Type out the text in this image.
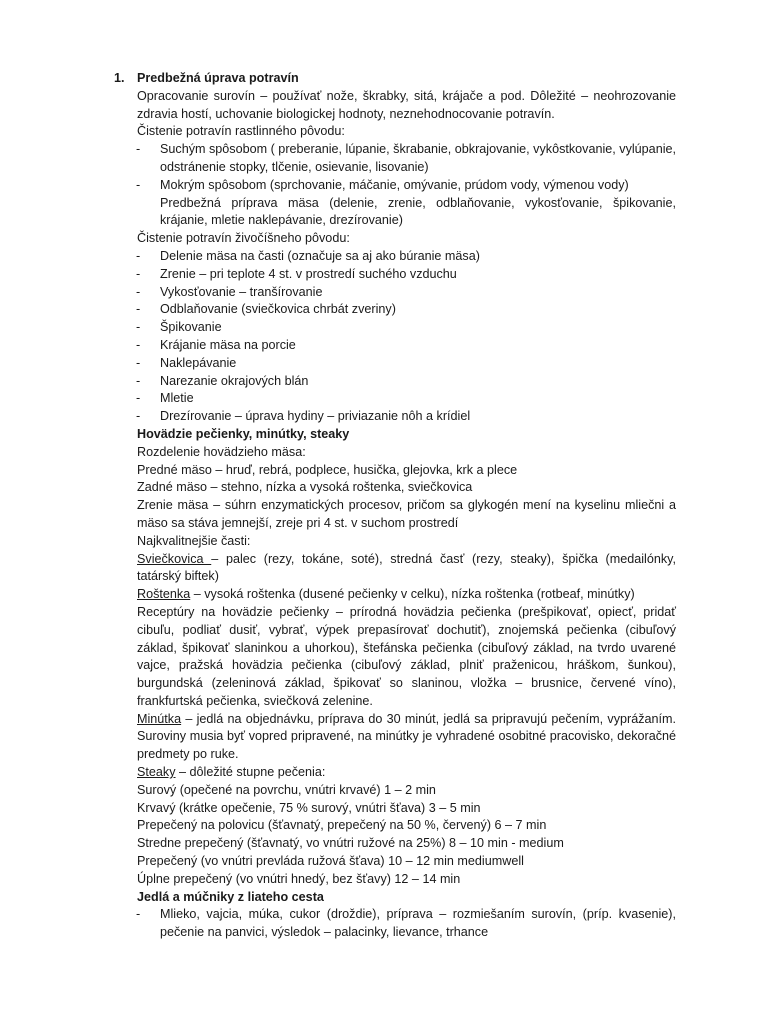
1. Predbežná úprava potravín

Opracovanie surovín – používať nože, škrabky, sitá, krájače a pod. Dôležité – neohrozovanie zdravia hostí, uchovanie biologickej hodnoty, neznehodnocovanie potravín.

Čistenie potravín rastlinného pôvodu:

- Suchým spôsobom ( preberanie, lúpanie, škrabanie, obkrajovanie, vykôstkovanie, vylúpanie, odstránenie stopky, tlčenie, osievanie, lisovanie)
- Mokrým spôsobom (sprchovanie, máčanie, omývanie, prúdom vody, výmenou vody)

Predbežná príprava mäsa (delenie, zrenie, odblaňovanie, vykosťovanie, špikovanie, krájanie, mletie naklepávanie, drezírovanie)

Čistenie potravín živočíšneho pôvodu:

- Delenie mäsa na časti (označuje sa aj ako búranie mäsa)
- Zrenie – pri teplote 4 st. v prostredí suchého vzduchu
- Vykosťovanie – tranšírovanie
- Odblaňovanie (sviečkovica chrbát zveriny)
- Špikovanie
- Krájanie mäsa na porcie
- Naklepávanie
- Narezanie okrajových blán
- Mletie
- Drezírovanie – úprava hydiny – priviazanie nôh a krídiel

Hovädzie pečienky, minútky, steaky

Rozdelenie hovädzieho mäsa:

Predné mäso – hruď, rebrá, podplece, husička, glejovka, krk a plece

Zadné mäso – stehno, nízka a vysoká roštenka, sviečkovica

Zrenie mäsa – súhrn enzymatických procesov, pričom sa glykogén mení na kyselinu mliečni a mäso sa stáva jemnejší, zreje pri 4 st. v suchom prostredí

Najkvalitnejšie časti:

Sviečkovica – palec (rezy, tokáne, soté), stredná časť (rezy, steaky), špička (medailónky, tatárský biftek)

Roštenka – vysoká roštenka (dusené pečienky v celku), nízka roštenka (rotbeaf, minútky)

Receptúry na hovädzie pečienky – prírodná hovädzia pečienka (prešpikovať, opiecť, pridať cibuľu, podliať dusiť, vybrať, výpek prepasírovať dochutiť), znojemská pečienka (cibuľový základ, špikovať slaninkou a uhorkou), štefánska pečienka (cibuľový základ, na tvrdo uvarené vajce, pražská hovädzia pečienka (cibuľový základ, plniť praženicou, hráškom, šunkou), burgundská (zeleninová základ, špikovať so slaninou, vložka – brusnice, červené víno), frankfurtská pečienka, sviečková zelenine.

Minútka – jedlá na objednávku, príprava do 30 minút, jedlá sa pripravujú pečením, vyprážaním. Suroviny musia byť vopred pripravené, na minútky je vyhradené osobitné pracovisko, dekoračné predmety po ruke.

Steaky – dôležité stupne pečenia:

Surový (opečené na povrchu, vnútri krvavé) 1 – 2 min

Krvavý (krátke opečenie, 75 % surový, vnútri šťava) 3 – 5 min

Prepečený na polovicu (šťavnatý, prepečený na 50 %, červený) 6 – 7 min

Stredne prepečený (šťavnatý, vo vnútri ružové na 25%) 8 – 10 min - medium

Prepečený (vo vnútri prevláda ružová šťava) 10 – 12 min mediumwell

Úplne prepečený (vo vnútri hnedý, bez šťavy) 12 – 14 min

Jedlá a múčniky z liateho cesta

- Mlieko, vajcia, múka, cukor (droždie), príprava – rozmiešaním surovín, (príp. kvasenie), pečenie na panvici, výsledok – palacinky, lievance, trhance
